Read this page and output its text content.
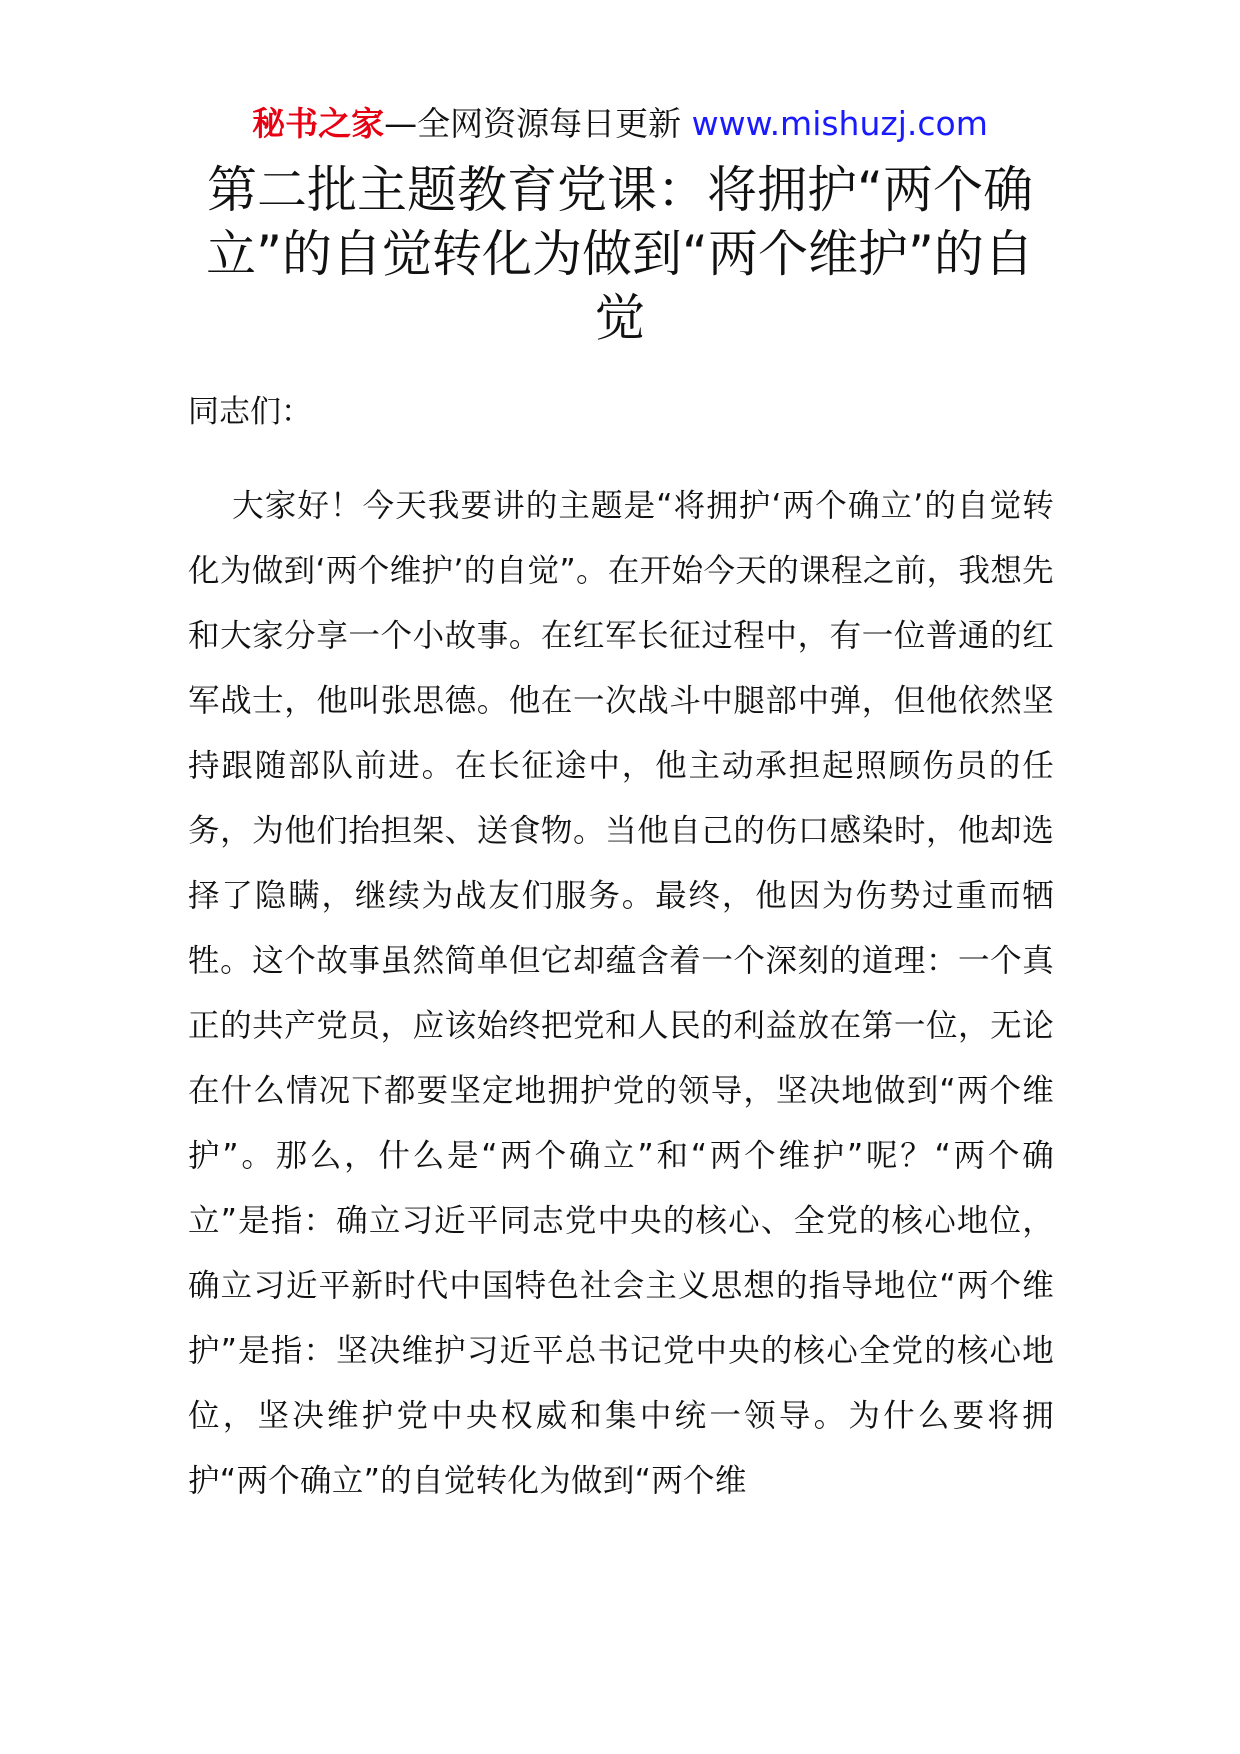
秘书之家—全网资源每日更新 www.mishuzj.com
第二批主题教育党课：将拥护“两个确立”的自觉转化为做到“两个维护”的自觉

同志们：

大家好！今天我要讲的主题是“将拥护‘两个确立’的自觉转化为做到‘两个维护’的自觉”。在开始今天的课程之前，我想先和大家分享一个小故事。在红军长征过程中，有一位普通的红军战士，他叫张思德。他在一次战斗中腿部中弹，但他依然坚持跟随部队前进。在长征途中，他主动承担起照顾伤员的任务，为他们抬担架、送食物。当他自己的伤口感染时，他却选择了隐瞒，继续为战友们服务。最终，他因为伤势过重而牺牲。这个故事虽然简单但它却蕴含着一个深刻的道理：一个真正的共产党员，应该始终把党和人民的利益放在第一位，无论在什么情况下都要坚定地拥护党的领导，坚决地做到“两个维护”。那么，什么是“两个确立”和“两个维护”呢？“两个确立”是指：确立习近平同志党中央的核心、全党的核心地位，确立习近平新时代中国特色社会主义思想的指导地位“两个维护”是指：坚决维护习近平总书记党中央的核心全党的核心地位，坚决维护党中央权威和集中统一领导。为什么要将拥护“两个确立”的自觉转化为做到“两个维
